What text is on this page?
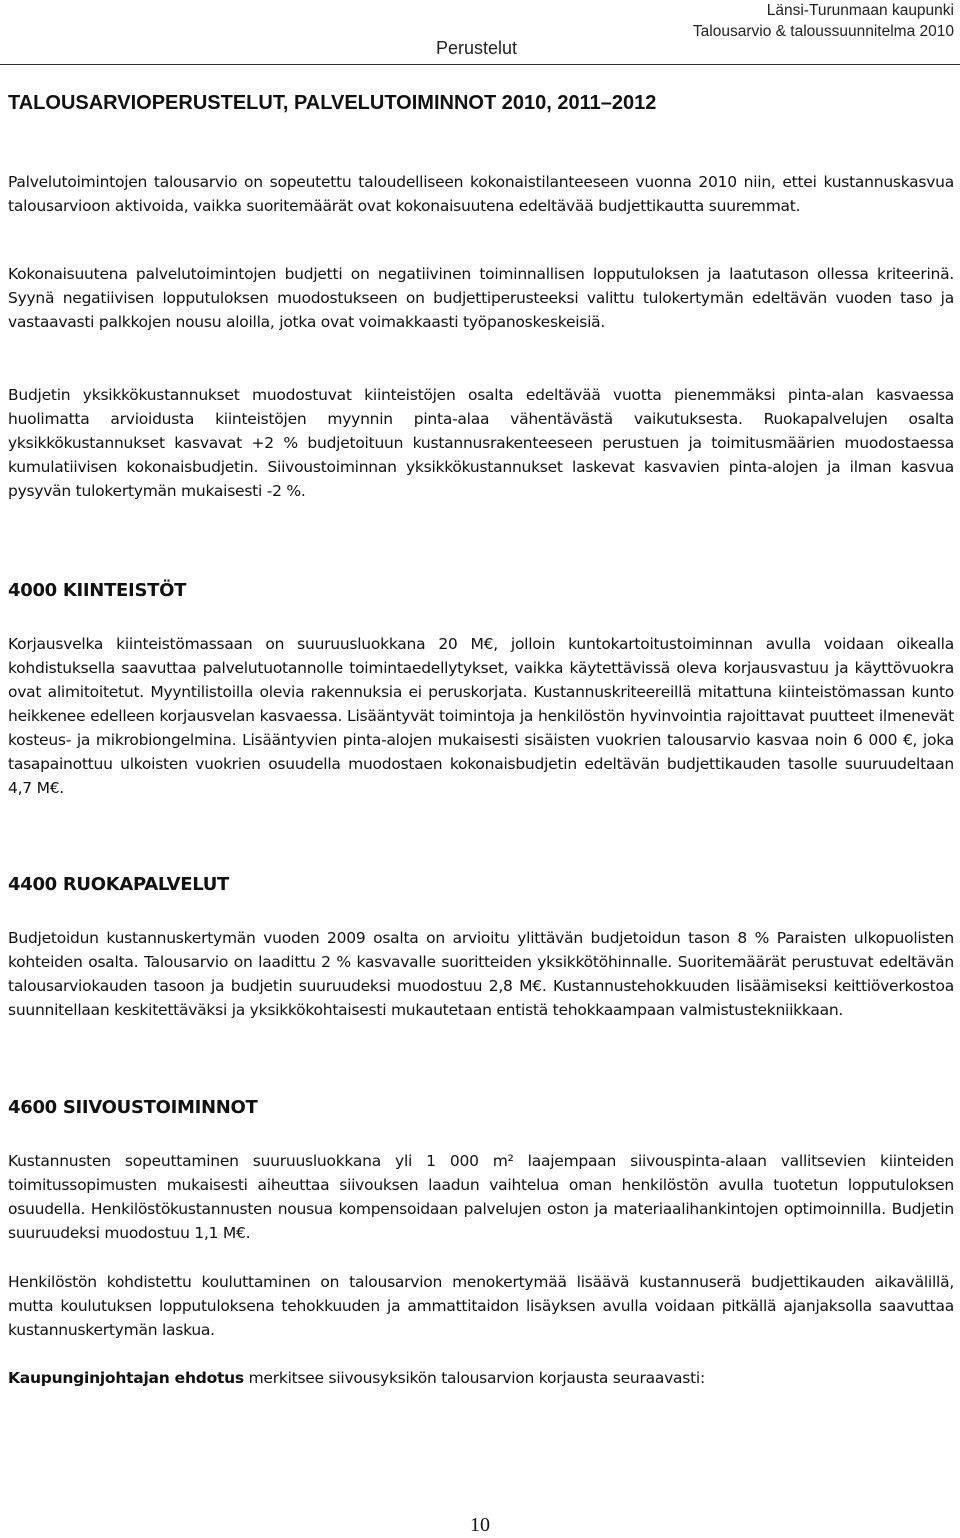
Perustelut
Länsi-Turunmaan kaupunki
Talousarvio & taloussuunnitelma 2010
TALOUSARVIOPERUSTELUT, PALVELUTOIMINNOT 2010, 2011–2012

Palvelutoimintojen talousarvio on sopeutettu taloudelliseen kokonaistilanteeseen vuonna 2010 niin, ettei kustannuskasvua talousarvioon aktivoida, vaikka suoritemäärät ovat kokonaisuutena edeltävää budjettikautta suuremmat.

Kokonaisuutena palvelutoimintojen budjetti on negatiivinen toiminnallisen lopputuloksen ja laatutason ollessa kriteerinä. Syynä negatiivisen lopputuloksen muodostukseen on budjettiperusteeksi valittu tulokertymän edeltävän vuoden taso ja vastaavasti palkkojen nousu aloilla, jotka ovat voimakkaasti työpanoskeskeisiä.

Budjetin yksikkökustannukset muodostuvat kiinteistöjen osalta edeltävää vuotta pienemmäksi pinta-alan kasvaessa huolimatta arvioidusta kiinteistöjen myynnin pinta-alaa vähentävästä vaikutuksesta. Ruokapalvelujen osalta yksikkökustannukset kasvavat +2 % budjetoituun kustannusrakenteeseen perustuen ja toimitusmäärien muodostaessa kumulatiivisen kokonaisbudjetin. Siivoustoiminnan yksikkökustannukset laskevat kasvavien pinta-alojen ja ilman kasvua pysyvän tulokertymän mukaisesti -2 %.

4000 KIINTEISTÖT

Korjausvelka kiinteistömassaan on suuruusluokkana 20 M€, jolloin kuntokartoitustoiminnan avulla voidaan oikealla kohdistuksella saavuttaa palvelutuotannolle toimintaedellytykset, vaikka käytettävissä oleva korjausvastuu ja käyttövuokra ovat alimitoitetut. Myyntilistoilla olevia rakennuksia ei peruskorjata. Kustannuskriteereillä mitattuna kiinteistömassan kunto heikkenee edelleen korjausvelan kasvaessa. Lisääntyvät toimintoja ja henkilöstön hyvinvointia rajoittavat puutteet ilmenevät kosteus- ja mikrobiongelmina. Lisääntyvien pinta-alojen mukaisesti sisäisten vuokrien talousarvio kasvaa noin 6 000 €, joka tasapainottuu ulkoisten vuokrien osuudella muodostaen kokonaisbudjetin edeltävän budjettikauden tasolle suuruudeltaan 4,7 M€.

4400 RUOKAPALVELUT

Budjetoidun kustannuskertymän vuoden 2009 osalta on arvioitu ylittävän budjetoidun tason 8 % Paraisten ulkopuolisten kohteiden osalta. Talousarvio on laadittu 2 % kasvavalle suoritteiden yksikkötöhinnalle. Suoritemäärät perustuvat edeltävän talousarviokauden tasoon ja budjetin suuruudeksi muodostuu 2,8 M€. Kustannustehokkuuden lisäämiseksi keittiöverkostoa suunnitellaan keskitettäväksi ja yksikkökohtaisesti mukautetaan entistä tehokkaampaan valmistustekniikkaan.

4600 SIIVOUSTOIMINNOT

Kustannusten sopeuttaminen suuruusluokkana yli 1 000 m² laajempaan siivouspinta-alaan vallitsevien kiinteiden toimitussopimusten mukaisesti aiheuttaa siivouksen laadun vaihtelua oman henkilöstön avulla tuotetun lopputuloksen osuudella. Henkilöstökustannusten nousua kompensoidaan palvelujen oston ja materiaalihankintojen optimoinnilla. Budjetin suuruudeksi muodostuu 1,1 M€.

Henkilöstön kohdistettu kouluttaminen on talousarvion menokertymää lisäävä kustannuserä budjettikauden aikavälillä, mutta koulutuksen lopputuloksena tehokkuuden ja ammattitaidon lisäyksen avulla voidaan pitkällä ajanjaksolla saavuttaa kustannuskertymän laskua.

Kaupunginjohtajan ehdotus merkitsee siivousyksikön talousarvion korjausta seuraavasti:

10
